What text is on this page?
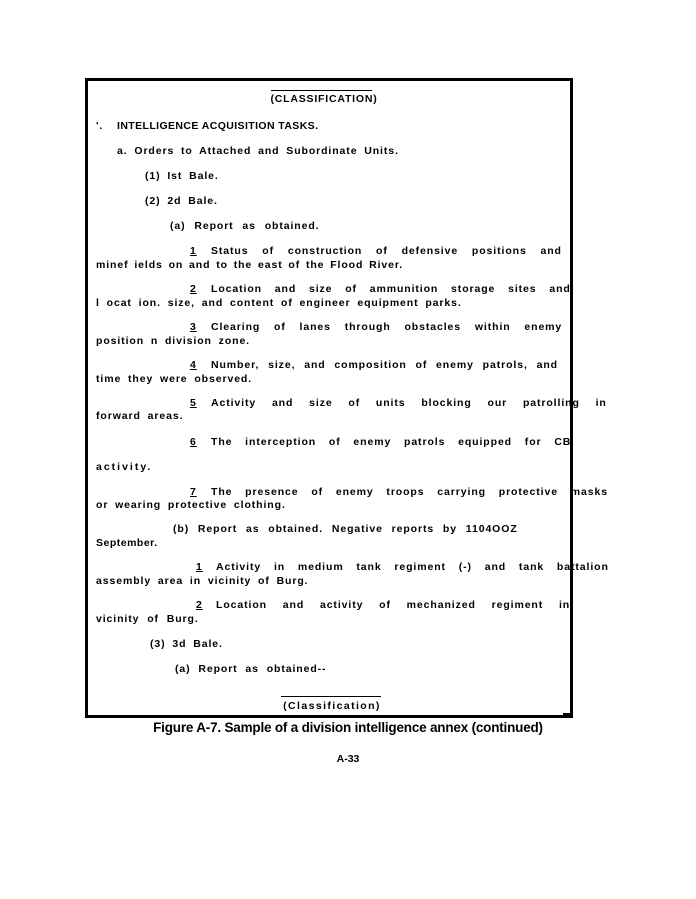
(CLASSIFICATION)
'. INTELLIGENCE ACQUISITION TASKS.
a. Orders to Attached and Subordinate Units.
(1) Ist Bale.
(2) 2d Bale.
(a) Report as obtained.
1 Status of construction of defensive positions and
minef ields on and to the east of the Flood River.
2 Location and size of ammunition storage sites and
l ocat ion. size, and content of engineer equipment parks.
3 Clearing of lanes through obstacles within enemy
position n division zone.
4 Number, size, and composition of enemy patrols, and
time they were observed.
5 Activity and size of units blocking our patrolling in
forward areas.
6 The interception of enemy patrols equipped for CB
activity.
7 The presence of enemy troops carrying protective masks
or wearing protective clothing.
(b) Report as obtained. Negative reports by 1104OOZ
September.
1 Activity in medium tank regiment (-) and tank battalion
assembly area in vicinity of Burg.
2 Location and activity of mechanized regiment in
vicinity of Burg.
(3) 3d Bale.
(a) Report as obtained--
(Classification)
Figure A-7. Sample of a division intelligence annex (continued)
A-33
